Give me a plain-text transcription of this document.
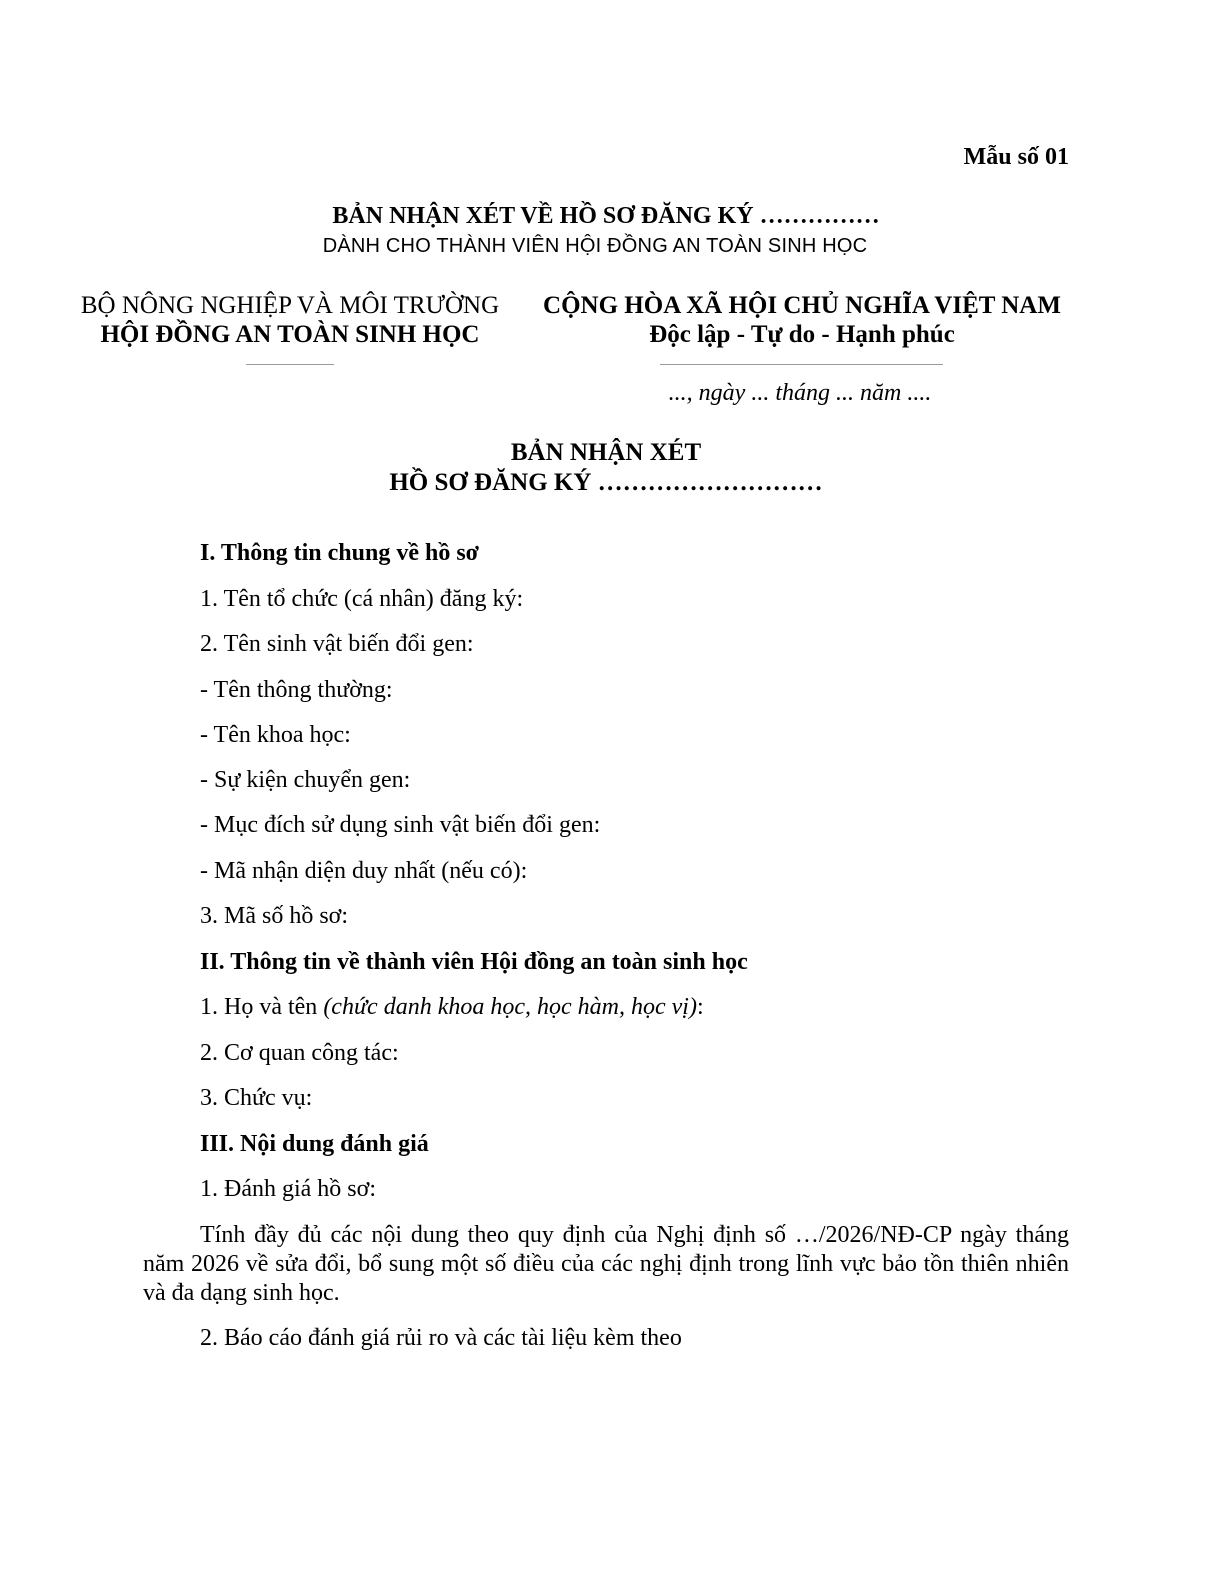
Mẫu số 01
BẢN NHẬN XÉT VỀ HỒ SƠ ĐĂNG KÝ ……………
DÀNH CHO THÀNH VIÊN HỘI ĐỒNG AN TOÀN SINH HỌC
BỘ NÔNG NGHIỆP VÀ MÔI TRƯỜNG
HỘI ĐỒNG AN TOÀN SINH HỌC
CỘNG HÒA XÃ HỘI CHỦ NGHĨA VIỆT NAM
Độc lập - Tự do - Hạnh phúc
..., ngày ... tháng ... năm ....
BẢN NHẬN XÉT
HỒ SƠ ĐĂNG KÝ ………………………
I. Thông tin chung về hồ sơ
1. Tên tổ chức (cá nhân) đăng ký:
2. Tên sinh vật biến đổi gen:
- Tên thông thường:
- Tên khoa học:
- Sự kiện chuyển gen:
- Mục đích sử dụng sinh vật biến đổi gen:
- Mã nhận diện duy nhất (nếu có):
3. Mã số hồ sơ:
II. Thông tin về thành viên Hội đồng an toàn sinh học
1. Họ và tên (chức danh khoa học, học hàm, học vị):
2. Cơ quan công tác:
3. Chức vụ:
III. Nội dung đánh giá
1. Đánh giá hồ sơ:
Tính đầy đủ các nội dung theo quy định của Nghị định số …/2026/NĐ-CP ngày tháng     năm 2026 về sửa đổi, bổ sung một số điều của các nghị định trong lĩnh vực bảo tồn thiên nhiên và đa dạng sinh học.
2. Báo cáo đánh giá rủi ro và các tài liệu kèm theo
